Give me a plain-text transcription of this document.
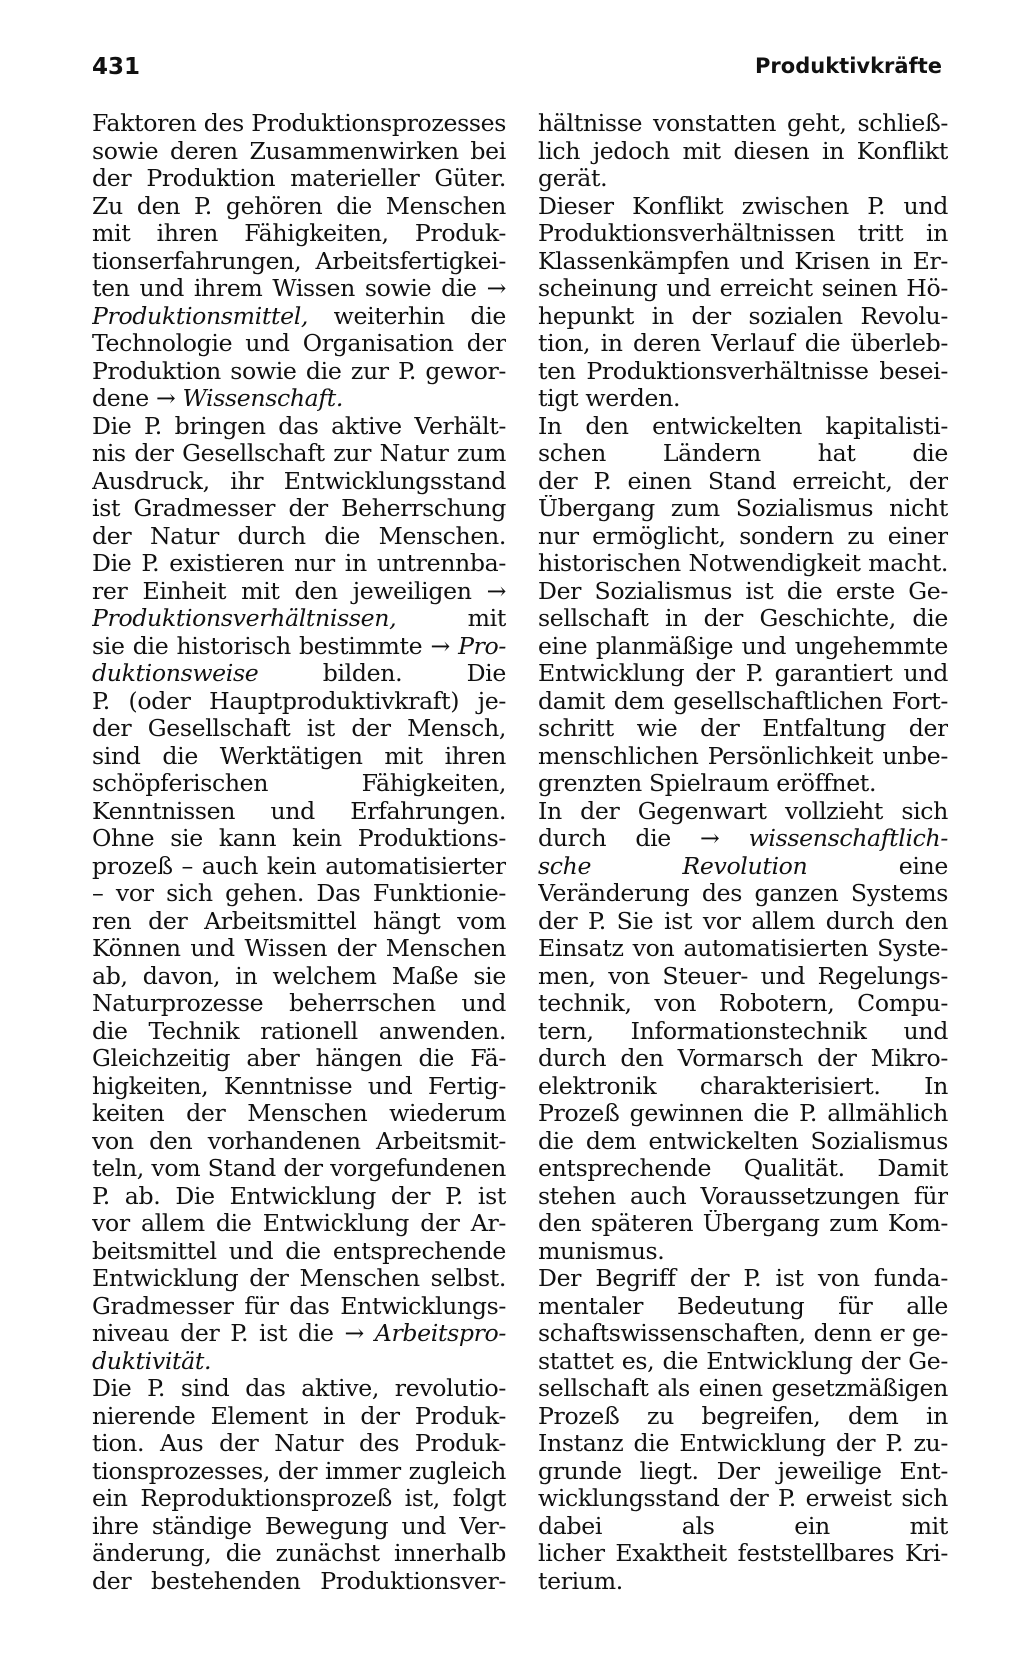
431	Produktivkräfte
Faktoren des Produktionsprozesses
sowie deren Zusammenwirken bei
der Produktion materieller Güter.
Zu den P. gehören die Menschen
mit ihren Fähigkeiten, Produk-
tionserfahrungen, Arbeitsfertigkei-
ten und ihrem Wissen sowie die →
Produktionsmittel, weiterhin die
Technologie und Organisation der
Produktion sowie die zur P. gewor-
dene → Wissenschaft.
Die P. bringen das aktive Verhält-
nis der Gesellschaft zur Natur zum
Ausdruck, ihr Entwicklungsstand
ist Gradmesser der Beherrschung
der Natur durch die Menschen.
Die P. existieren nur in untrennba-
rer Einheit mit den jeweiligen →
Produktionsverhältnissen,	mit
sie die historisch bestimmte → Pro-
duktionsweise	bilden. Die
P. (oder Hauptproduktivkraft) je-
der Gesellschaft ist der Mensch,
sind die Werktätigen mit ihren
schöpferischen Fähigkeiten,
Kenntnissen und Erfahrungen.
Ohne sie kann kein Produktions-
prozeß – auch kein automatisierter
– vor sich gehen. Das Funktionie-
ren der Arbeitsmittel hängt vom
Können und Wissen der Menschen
ab, davon, in welchem Maße sie
Naturprozesse beherrschen und
die Technik rationell anwenden.
Gleichzeitig aber hängen die Fä-
higkeiten, Kenntnisse und Fertig-
keiten der Menschen wiederum
von den vorhandenen Arbeitsmit-
teln, vom Stand der vorgefundenen
P. ab. Die Entwicklung der P. ist
vor allem die Entwicklung der Ar-
beitsmittel und die entsprechende
Entwicklung der Menschen selbst.
Gradmesser für das Entwicklungs-
niveau der P. ist die → Arbeitspro-
duktivität.
Die P. sind das aktive, revolutio-
nierende Element in der Produk-
tion. Aus der Natur des Produk-
tionsprozesses, der immer zugleich
ein Reproduktionsprozeß ist, folgt
ihre ständige Bewegung und Ver-
änderung, die zunächst innerhalb
der bestehenden Produktionsver-
hältnisse vonstatten geht, schließ-
lich jedoch mit diesen in Konflikt
gerät.
Dieser Konflikt zwischen P. und
Produktionsverhältnissen tritt in
Klassenkämpfen und Krisen in Er-
scheinung und erreicht seinen Hö-
hepunkt in der sozialen Revolu-
tion, in deren Verlauf die überleb-
ten Produktionsverhältnisse besei-
tigt werden.
In den entwickelten kapitalisti-
schen Ländern hat die
der P. einen Stand erreicht, der
Übergang zum Sozialismus nicht
nur ermöglicht, sondern zu einer
historischen Notwendigkeit macht.
Der Sozialismus ist die erste Ge-
sellschaft in der Geschichte, die
eine planmäßige und ungehemmte
Entwicklung der P. garantiert und
damit dem gesellschaftlichen Fort-
schritt wie der Entfaltung der
menschlichen Persönlichkeit unbe-
grenzten Spielraum eröffnet.
In der Gegenwart vollzieht sich
durch die → wissenschaftlich-
sche Revolution	eine
Veränderung des ganzen Systems
der P. Sie ist vor allem durch den
Einsatz von automatisierten Syste-
men, von Steuer- und Regelungs-
technik, von Robotern, Compu-
tern, Informationstechnik und
durch den Vormarsch der Mikro-
elektronik charakterisiert. In
Prozeß gewinnen die P. allmählich
die dem entwickelten Sozialismus
entsprechende Qualität. Damit
stehen auch Voraussetzungen für
den späteren Übergang zum Kom-
munismus.
Der Begriff der P. ist von funda-
mentaler Bedeutung für alle
schaftswissenschaften, denn er ge-
stattet es, die Entwicklung der Ge-
sellschaft als einen gesetzmäßigen
Prozeß zu begreifen, dem in
Instanz die Entwicklung der P. zu-
grunde liegt. Der jeweilige Ent-
wicklungsstand der P. erweist sich
dabei als ein mit
licher Exaktheit feststellbares Kri-
terium.
